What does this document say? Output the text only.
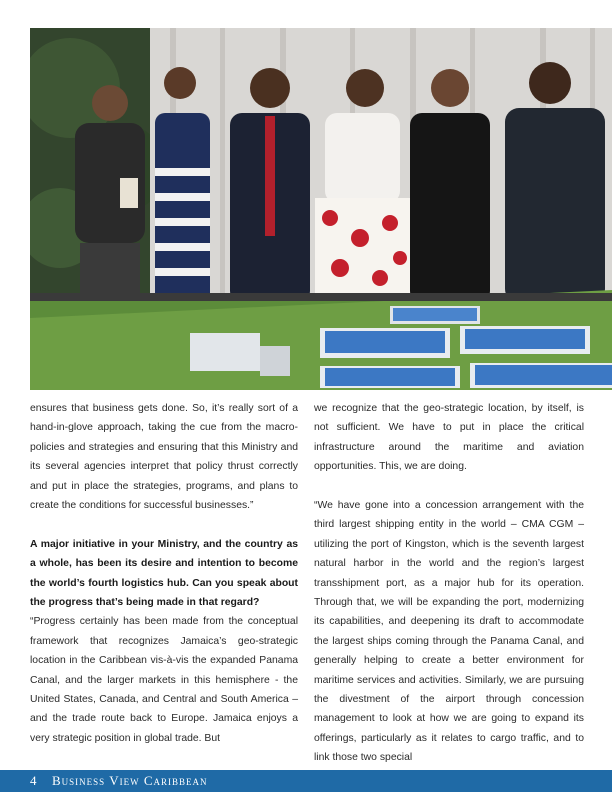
ensures that business gets done. So, it’s really sort of a hand-in-glove approach, taking the cue from the macro-policies and strategies and ensuring that this Ministry and its several agencies interpret that policy thrust correctly and put in place the strategies, programs, and plans to create the conditions for successful businesses.”

A major initiative in your Ministry, and the country as a whole, has been its desire and intention to become the world’s fourth logistics hub. Can you speak about the progress that’s being made in that regard?

“Progress certainly has been made from the conceptual framework that recognizes Jamaica’s geo-strategic location in the Caribbean vis-à-vis the expanded Panama Canal, and the larger markets in this hemisphere - the United States, Canada, and Central and South America – and the trade route back to Europe. Jamaica enjoys a very strategic position in global trade. But

we recognize that the geo-strategic location, by itself, is not sufficient. We have to put in place the critical infrastructure around the maritime and aviation opportunities. This, we are doing.

“We have gone into a concession arrangement with the third largest shipping entity in the world – CMA CGM – utilizing the port of Kingston, which is the seventh largest natural harbor in the world and the region’s largest transshipment port, as a major hub for its operation. Through that, we will be expanding the port, modernizing its capabilities, and deepening its draft to accommodate the largest ships coming through the Panama Canal, and generally helping to create a better environment for maritime services and activities. Similarly, we are pursuing the divestment of the airport through concession management to look at how we are going to expand its offerings, particularly as it relates to cargo traffic, and to link those two special

4 Business View Caribbean
